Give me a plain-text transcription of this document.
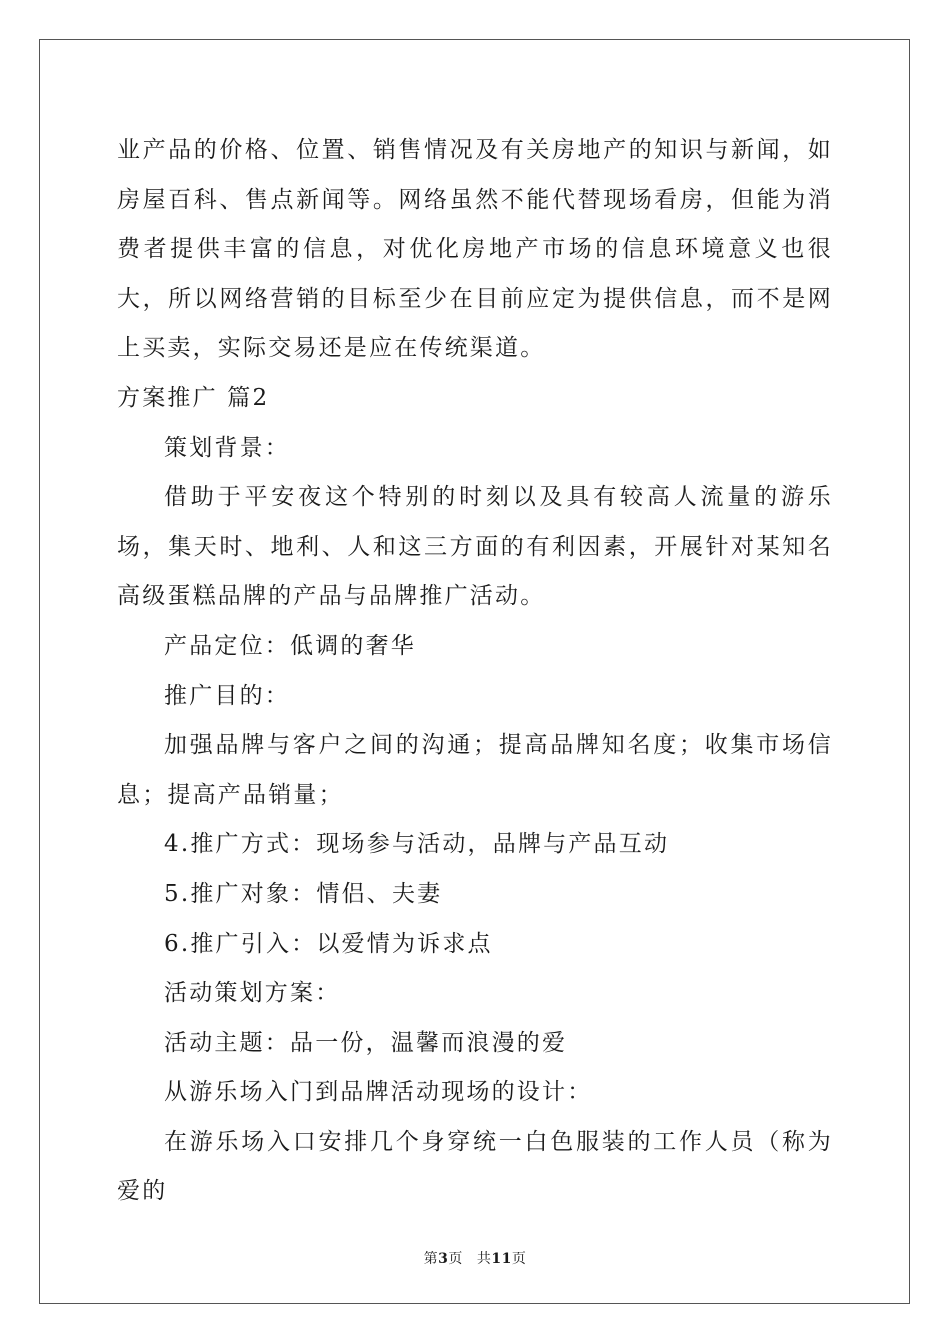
业产品的价格、位置、销售情况及有关房地产的知识与新闻，如房屋百科、售点新闻等。网络虽然不能代替现场看房，但能为消费者提供丰富的信息，对优化房地产市场的信息环境意义也很大，所以网络营销的目标至少在目前应定为提供信息，而不是网上买卖，实际交易还是应在传统渠道。

方案推广 篇2

策划背景：

借助于平安夜这个特别的时刻以及具有较高人流量的游乐场，集天时、地利、人和这三方面的有利因素，开展针对某知名高级蛋糕品牌的产品与品牌推广活动。

产品定位：低调的奢华

推广目的：

加强品牌与客户之间的沟通；提高品牌知名度；收集市场信息；提高产品销量；

4.推广方式：现场参与活动，品牌与产品互动

5.推广对象：情侣、夫妻

6.推广引入：以爱情为诉求点

活动策划方案：

活动主题：品一份，温馨而浪漫的爱

从游乐场入门到品牌活动现场的设计：

在游乐场入口安排几个身穿统一白色服装的工作人员（称为爱的

第3页 共11页
